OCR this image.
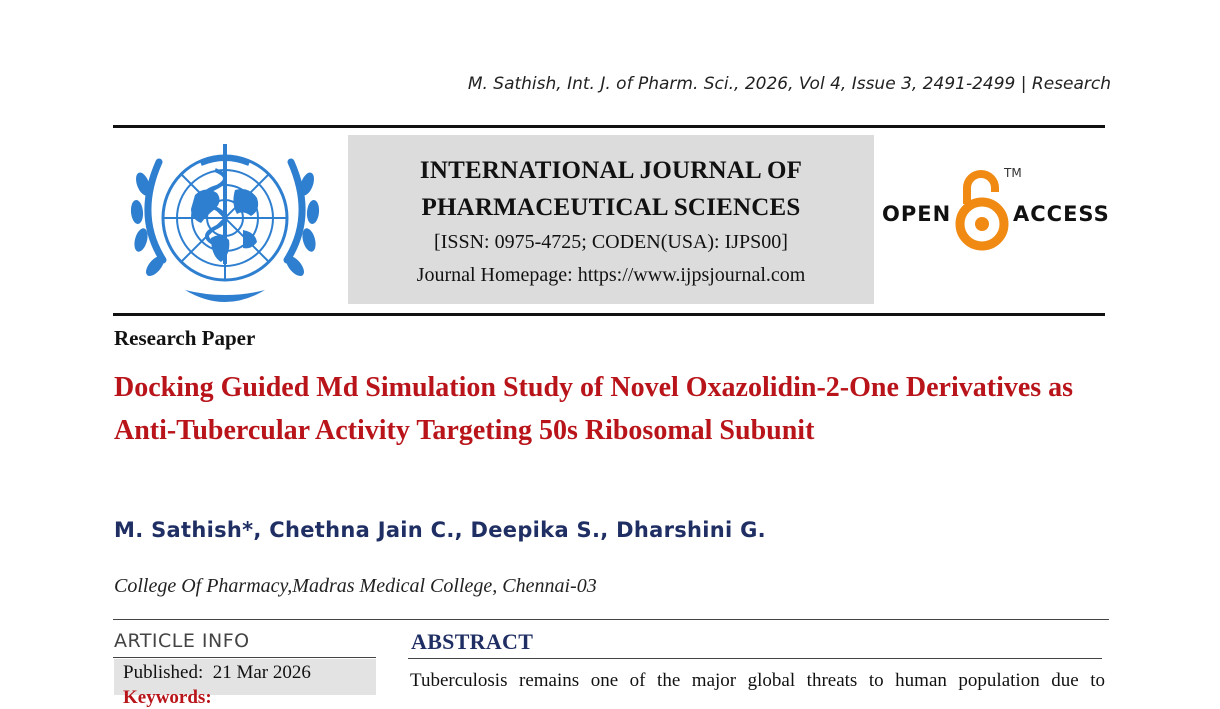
M. Sathish, Int. J. of Pharm. Sci., 2026, Vol 4, Issue 3, 2491-2499 | Research
INTERNATIONAL JOURNAL OF
PHARMACEUTICAL SCIENCES
[ISSN: 0975-4725; CODEN(USA): IJPS00]
Journal Homepage: https://www.ijpsjournal.com
OPEN
TM
ACCESS
Research Paper
Docking Guided Md Simulation Study of Novel Oxazolidin-2-One Derivatives as Anti-Tubercular Activity Targeting 50s Ribosomal Subunit
M. Sathish*, Chethna Jain C., Deepika S., Dharshini G.
College Of Pharmacy,Madras Medical College, Chennai-03
ARTICLE INFO
Published: 21 Mar 2026
Keywords:
ABSTRACT
Tuberculosis remains one of the major global threats to human population due to
